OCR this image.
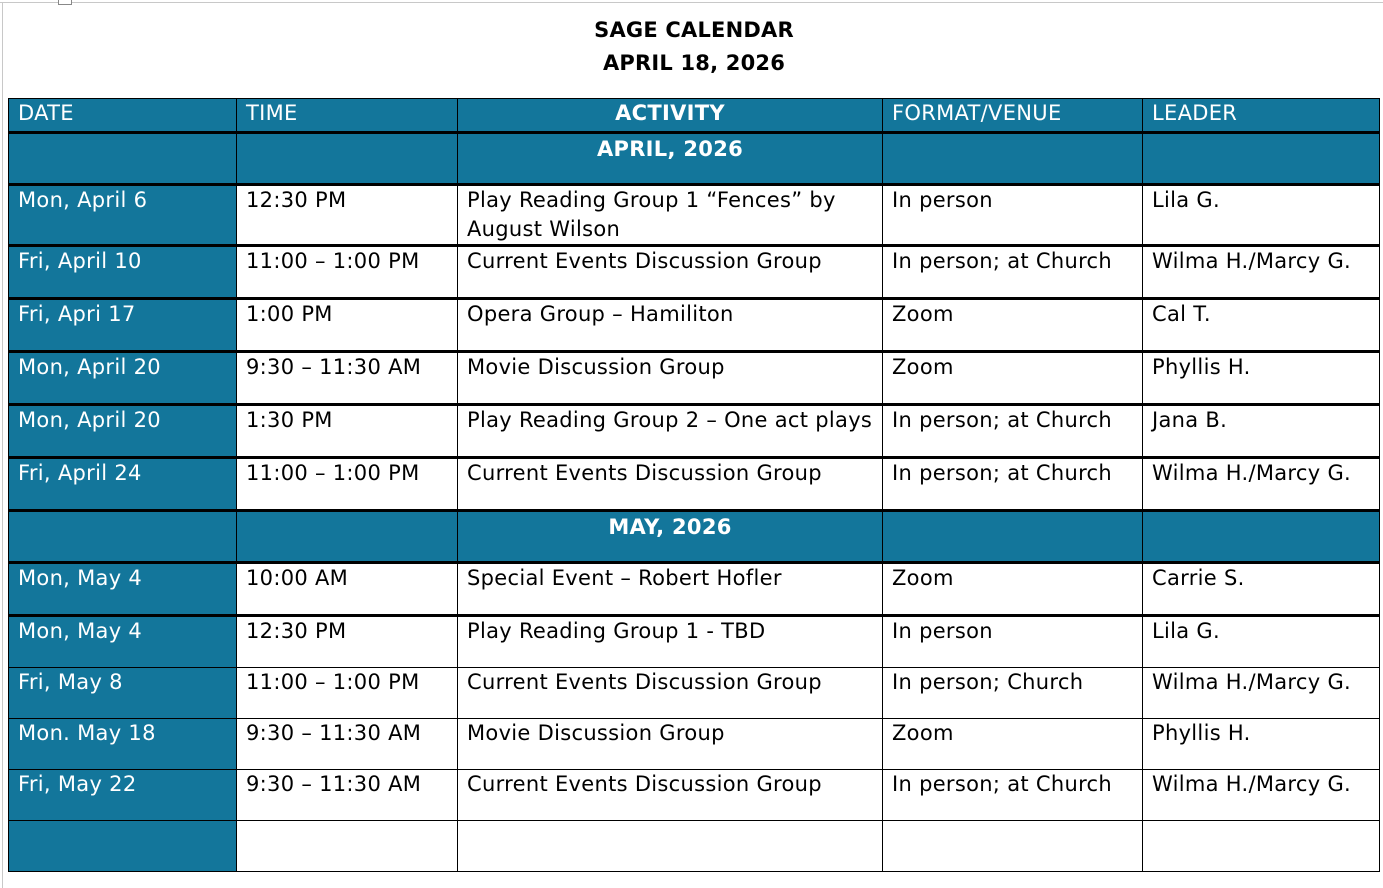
SAGE CALENDAR
APRIL 18, 2026
DATE	TIME	ACTIVITY	FORMAT/VENUE	LEADER
		APRIL, 2026		
Mon, April 6	12:30 PM	Play Reading Group 1 “Fences” by August Wilson	In person	Lila G.
Fri, April 10	11:00 – 1:00 PM	Current Events Discussion Group	In person; at Church	Wilma H./Marcy G.
Fri, Apri 17	1:00 PM	Opera Group – Hamiliton	Zoom	Cal T.
Mon, April 20	9:30 – 11:30 AM	Movie Discussion Group	Zoom	Phyllis H.
Mon, April 20	1:30 PM	Play Reading Group 2 – One act plays	In person; at Church	Jana B.
Fri, April 24	11:00 – 1:00 PM	Current Events Discussion Group	In person; at Church	Wilma H./Marcy G.
		MAY, 2026		
Mon, May 4	10:00 AM	Special Event – Robert Hofler	Zoom	Carrie S.
Mon, May 4	12:30 PM	Play Reading Group 1 - TBD	In person	Lila G.
Fri, May 8	11:00 – 1:00 PM	Current Events Discussion Group	In person; Church	Wilma H./Marcy G.
Mon. May 18	9:30 – 11:30 AM	Movie Discussion Group	Zoom	Phyllis H.
Fri, May 22	9:30 – 11:30 AM	Current Events Discussion Group	In person; at Church	Wilma H./Marcy G.
